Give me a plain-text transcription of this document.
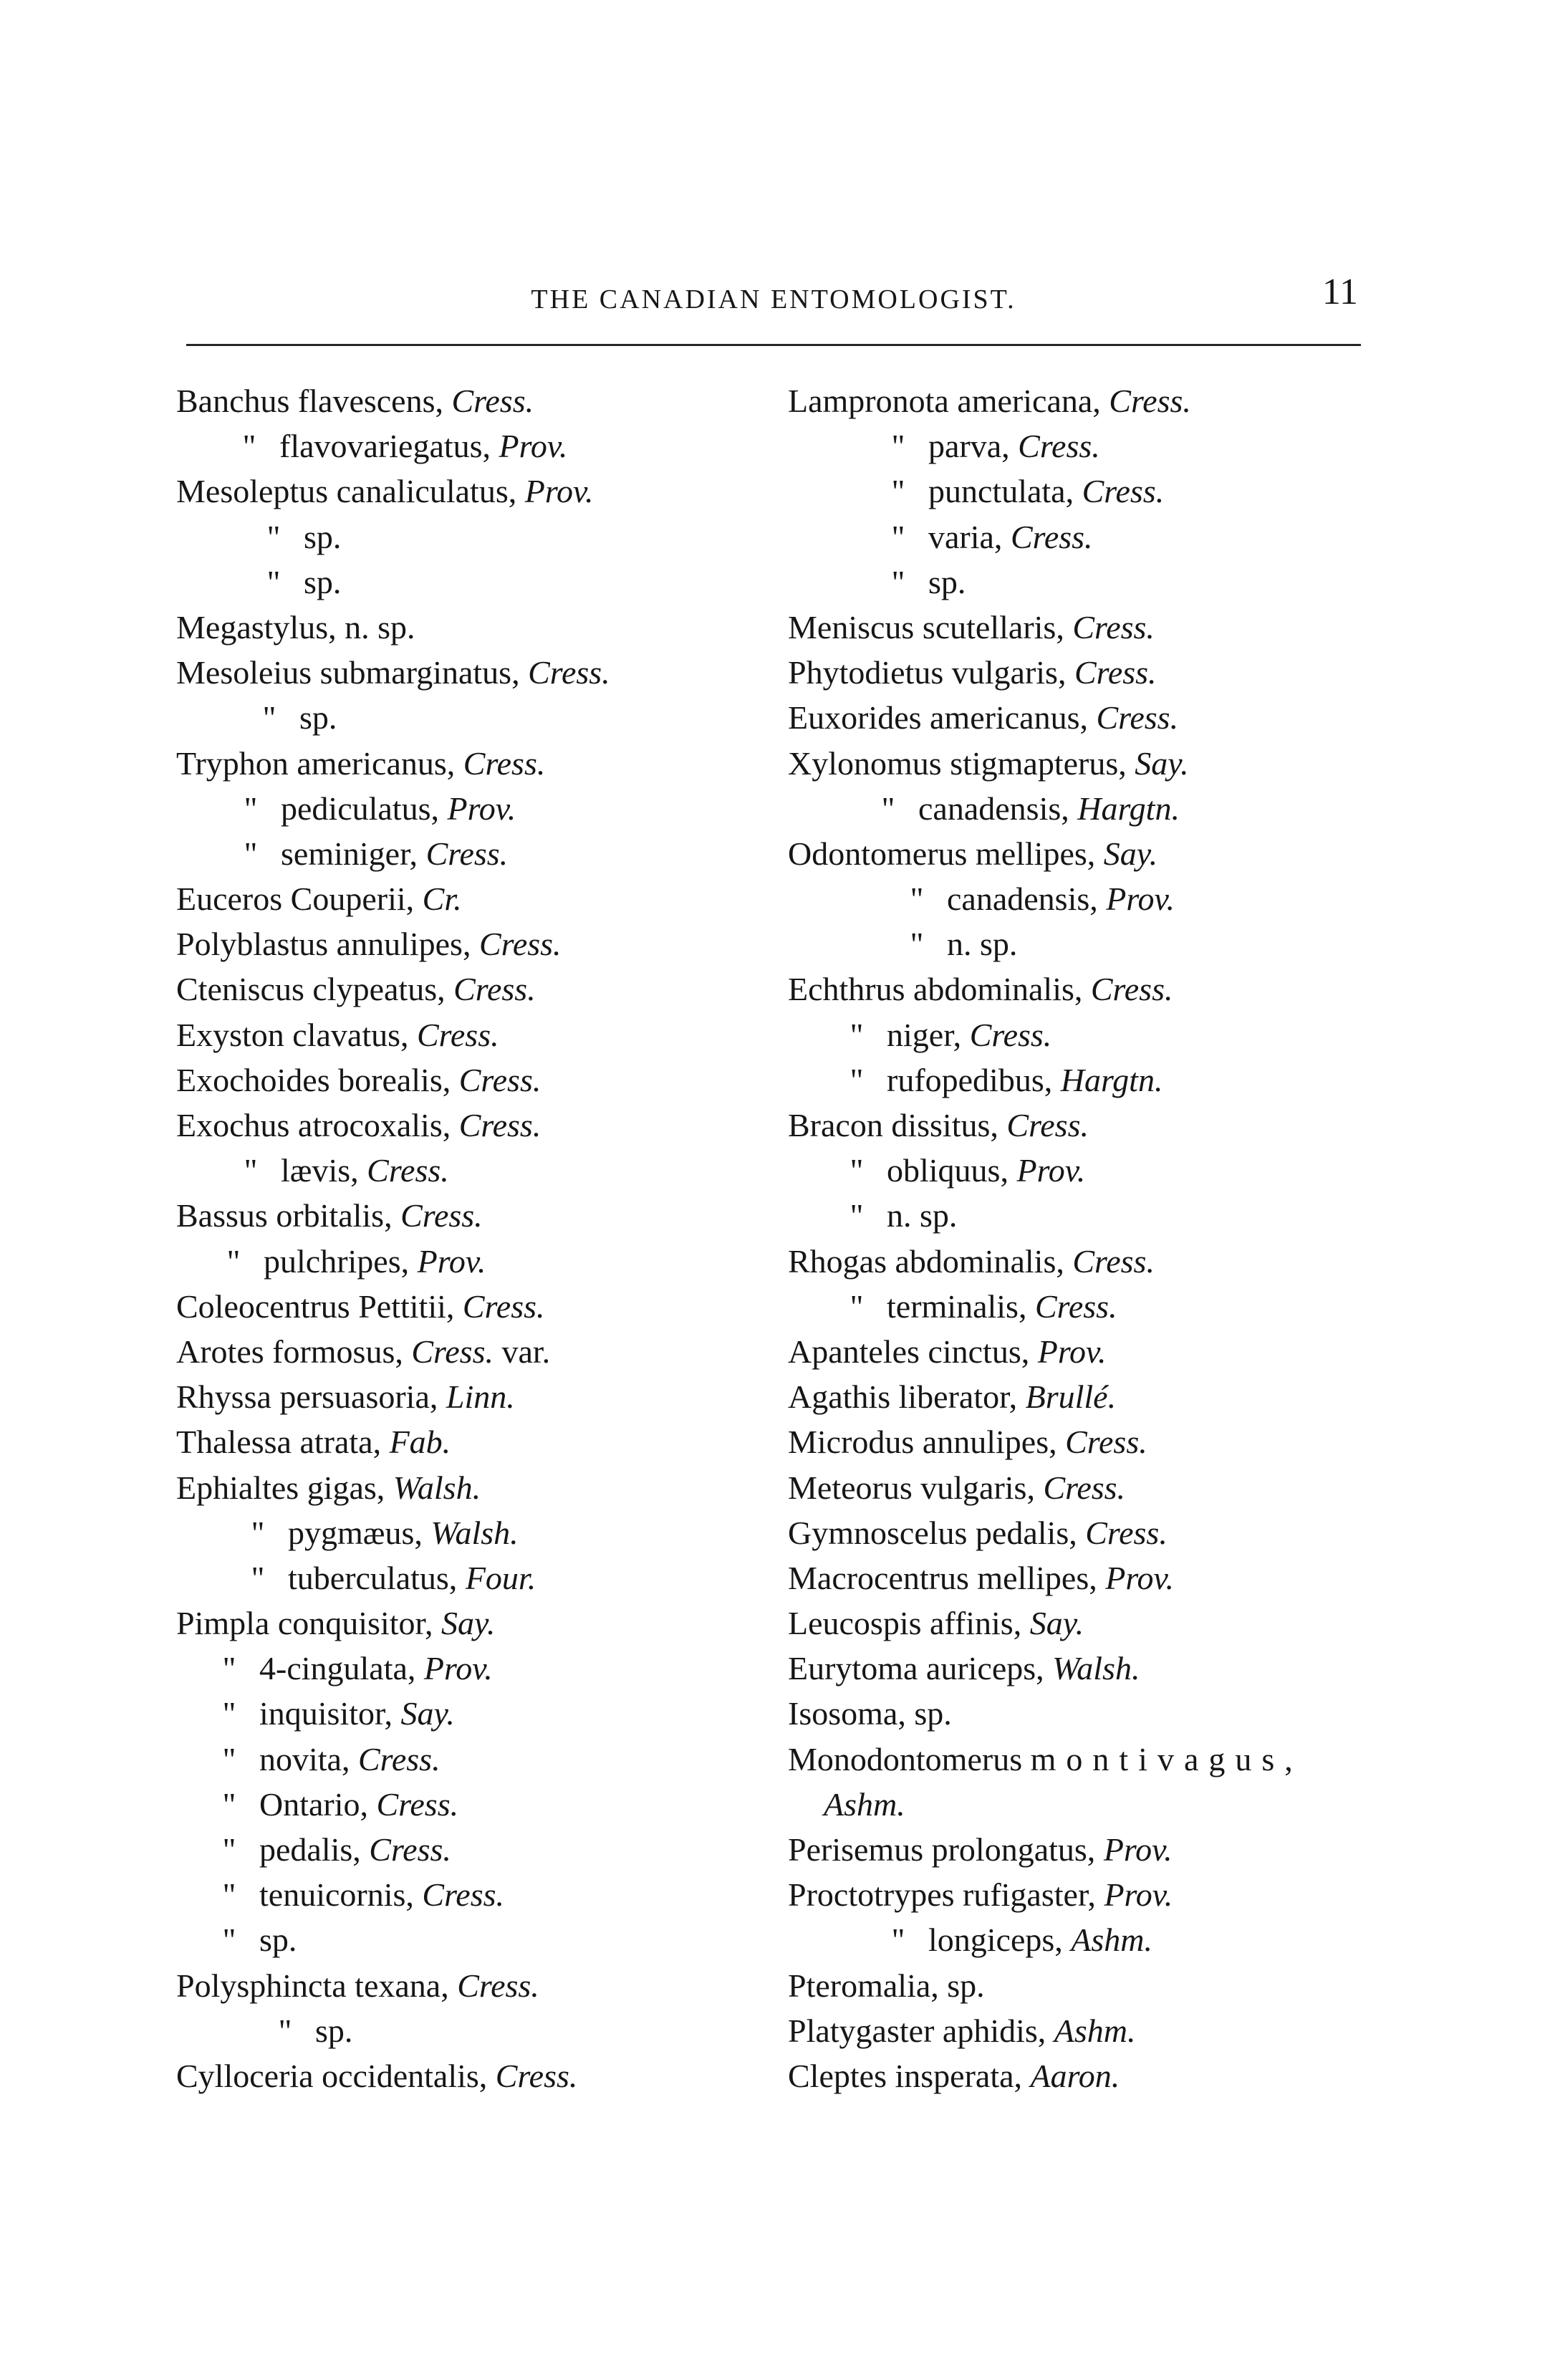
THE CANADIAN ENTOMOLOGIST.	11
Banchus flavescens, Cress.
" flavovariegatus, Prov.
Mesoleptus canaliculatus, Prov.
" sp.
" sp.
Megastylus, n. sp.
Mesoleius submarginatus, Cress.
" sp.
Tryphon americanus, Cress.
" pediculatus, Prov.
" seminiger, Cress.
Euceros Couperii, Cr.
Polyblastus annulipes, Cress.
Ctenisсus clypeatus, Cress.
Exyston clavatus, Cress.
Exochoides borealis, Cress.
Exochus atrocoxalis, Cress.
" lævis, Cress.
Bassus orbitalis, Cress.
" pulchripes, Prov.
Coleocentrus Pettitii, Cress.
Arotes formosus, Cress. var.
Rhyssa persuasoria, Linn.
Thalessa atrata, Fab.
Ephialtes gigas, Walsh.
" pygmæus, Walsh.
" tuberculatus, Four.
Pimpla conquisitor, Say.
" 4-cingulata, Prov.
" inquisitor, Say.
" novita, Cress.
" Ontario, Cress.
" pedalis, Cress.
" tenuicornis, Cress.
" sp.
Polysphincta texana, Cress.
" sp.
Cylloceria occidentalis, Cress.
Lampronota americana, Cress.
" parva, Cress.
" punctulata, Cress.
" varia, Cress.
" sp.
Meniscus scutellaris, Cress.
Phytodietus vulgaris, Cress.
Euxorides americanus, Cress.
Xylonomus stigmapterus, Say.
" canadensis, Hargtn.
Odontomerus mellipes, Say.
" canadensis, Prov.
" n. sp.
Echthrus abdominalis, Cress.
" niger, Cress.
" rufopedibus, Hargtn.
Bracon dissitus, Cress.
" obliquus, Prov.
" n. sp.
Rhogas abdominalis, Cress.
" terminalis, Cress.
Apanteles cinctus, Prov.
Agathis liberator, Brullé.
Microdus annulipes, Cress.
Meteorus vulgaris, Cress.
Gymnoscelus pedalis, Cress.
Macrocentrus mellipes, Prov.
Leucospis affinis, Say.
Eurytoma auriceps, Walsh.
Isosoma, sp.
Monodontomerus montivagus,
Ashm.
Perisemus prolongatus, Prov.
Proctotrypes rufigaster, Prov.
" longiceps, Ashm.
Pteromalia, sp.
Platygaster aphidis, Ashm.
Cleptes insperata, Aaron.
